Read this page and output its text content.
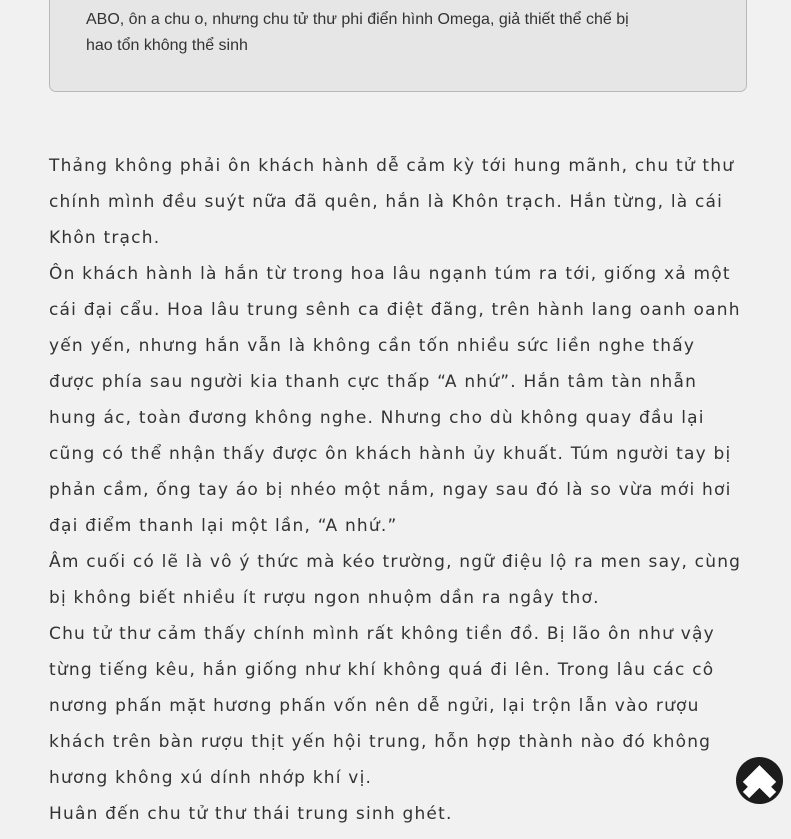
ABO, ôn a chu o, nhưng chu tử thư phi điển hình Omega, giả thiết thể chế bị

hao tổn không thể sinh

Thảng không phải ôn khách hành dễ cảm kỳ tới hung mãnh, chu tử thư

chính mình đều suýt nữa đã quên, hắn là Khôn trạch. Hắn từng, là cái

Khôn trạch.

Ôn khách hành là hắn từ trong hoa lâu ngạnh túm ra tới, giống xả một

cái đại cẩu. Hoa lâu trung sênh ca điệt đãng, trên hành lang oanh oanh

yến yến, nhưng hắn vẫn là không cần tốn nhiều sức liền nghe thấy

được phía sau người kia thanh cực thấp “A nhứ”. Hắn tâm tàn nhẫn

hung ác, toàn đương không nghe. Nhưng cho dù không quay đầu lại

cũng có thể nhận thấy được ôn khách hành ủy khuất. Túm người tay bị

phản cầm, ống tay áo bị nhéo một nắm, ngay sau đó là so vừa mới hơi

đại điểm thanh lại một lần, “A nhứ.”

Âm cuối có lẽ là vô ý thức mà kéo trường, ngữ điệu lộ ra men say, cùng

bị không biết nhiều ít rượu ngon nhuộm dần ra ngây thơ.

Chu tử thư cảm thấy chính mình rất không tiền đồ. Bị lão ôn như vậy

từng tiếng kêu, hắn giống như khí không quá đi lên. Trong lâu các cô

nương phấn mặt hương phấn vốn nên dễ ngửi, lại trộn lẫn vào rượu

khách trên bàn rượu thịt yến hội trung, hỗn hợp thành nào đó không

hương không xú dính nhớp khí vị.

Huân đến chu tử thư thái trung sinh ghét.
